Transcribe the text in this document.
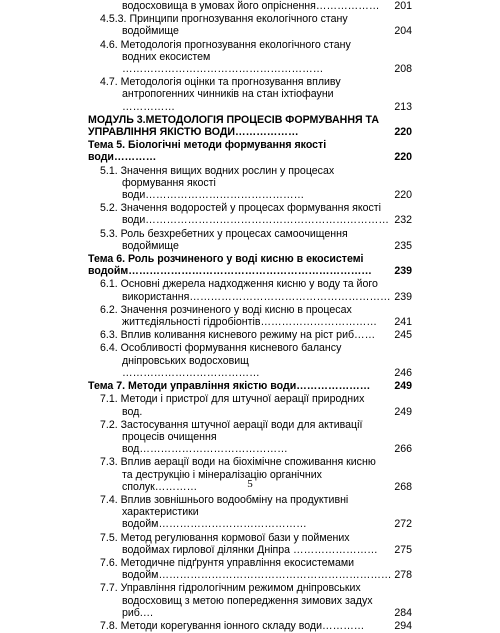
водосховища в умовах його опріснення………………	201
4.5.3. Принципи прогнозування екологічного стану водоймище	204
4.6. Методологія прогнозування екологічного стану водних екосистем …………………………………………………	208
4.7. Методологія оцінки та прогнозування впливу антропогенних чинників на стан іхтіофауни ……………	213
МОДУЛЬ 3.МЕТОДОЛОГІЯ ПРОЦЕСІВ ФОРМУВАННЯ ТА УПРАВЛІННЯ ЯКІСТЮ ВОДИ………………	220
Тема 5. Біологічні методи формування якості води…………	220
5.1. Значення вищих водних рослин у процесах формування якості води………………………………………	220
5.2. Значення водоростей у процесах формування якості води…………………………………………………………… 232
5.3. Роль безхребетних у процесах самоочищення водоймище	235
Тема 6. Роль розчиненого у воді кисню в екосистемі водойм……………………………………………………………	239
6.1. Основні джерела надходження кисню у воду та його використання………………………………………………… 239
6.2. Значення розчиненого у воді кисню в процесах життєдіяльності гідробіонтів……………………………	241
6.3. Вплив коливання кисневого режиму на ріст риб……	245
6.4. Особливості формування кисневого балансу дніпровських водосховищ …………………………………	246
Тема 7. Методи управління якістю води…………………	249
7.1. Методи і пристрої для штучної аерації природних вод.	249
7.2. Застосування штучної аерації води для активації процесів очищення вод……………………………………	266
7.3. Вплив аерації води на біохімічне споживання кисню та деструкцію і мінералізацію органічних сполук…………	268
7.4. Вплив зовнішнього водообміну на продуктивні характеристики водойм……………………………………	272
7.5. Метод регулювання кормової бази у поймених водоймах гирлової ділянки Дніпра ……………………	275
7.6. Методичне підґрунтя управління екосистемами водойм………………………………………………………… 278
7.7. Управління гідрологічним режимом дніпровських водосховищ з метою попередження зимових задух риб.…	284
7.8. Методи корегування іонного складу води…………	294
5
